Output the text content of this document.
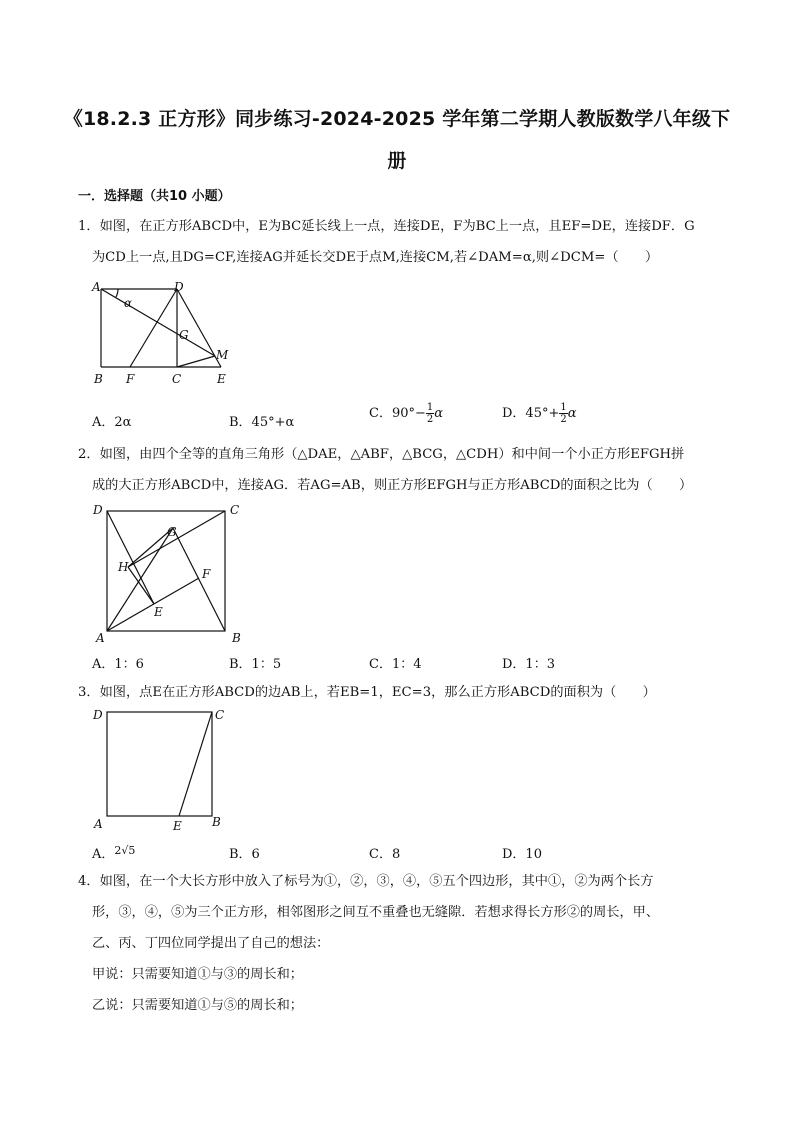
《18.2.3 正方形》同步练习-2024-2025 学年第二学期人教版数学八年级下
册
一．选择题（共10 小题）
1．如图，在正方形ABCD中，E为BC延长线上一点，连接DE，F为BC上一点，且EF=DE，连接DF．G
为CD上一点,且DG=CF,连接AG并延长交DE于点M,连接CM,若∠DAM=α,则∠DCM=（　　）
A	D
α
G
M
B F	C	E
A．2α	B．45°+α
C．$90^\circ- \frac{1}{2}$ α	D．$45^\circ+ \frac{1}{2}$ α
2．如图，由四个全等的直角三角形（△DAE，△ABF，△BCG，△CDH）和中间一个小正方形EFGH拼
成的大正方形ABCD中，连接AG．若AG=AB，则正方形EFGH与正方形ABCD的面积之比为（　　）
D	C
G
H	F
E
A	B
A．1：6	B．1：5	C．1：4	D．1：3
3．如图，点E在正方形ABCD的边AB上，若EB=1，EC=3，那么正方形ABCD的面积为（　　）
D	C
A	E	B
A．$^{2√5}$	B．6	C．8	D．10
4．如图，在一个大长方形中放入了标号为①，②，③，④，⑤五个四边形，其中①，②为两个长方
形，③，④，⑤为三个正方形，相邻图形之间互不重叠也无缝隙．若想求得长方形②的周长，甲、
乙、丙、丁四位同学提出了自己的想法：
甲说：只需要知道①与③的周长和；
乙说：只需要知道①与⑤的周长和；
